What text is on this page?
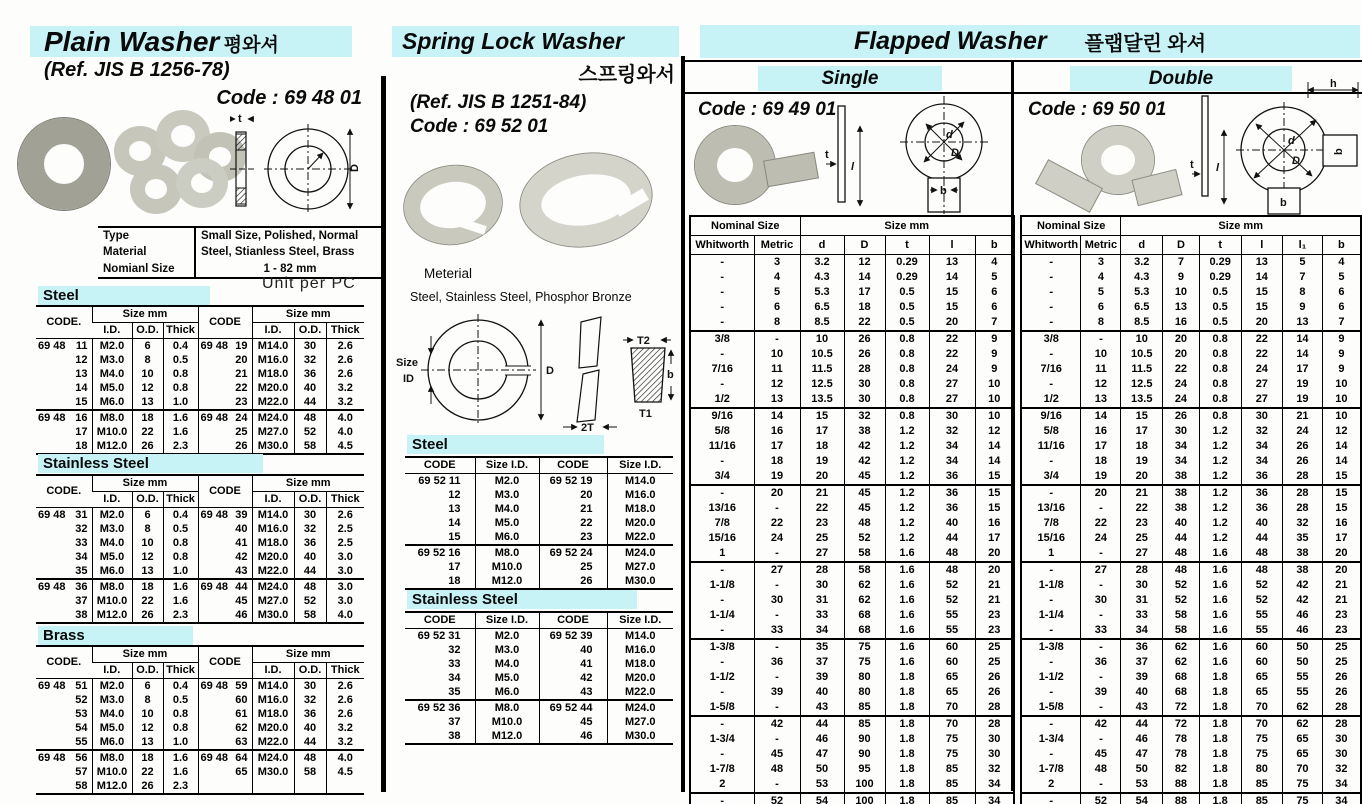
Plain Washer 평와셔
(Ref. JIS B 1256-78)
Code : 69 48 01
t
D
Type	Small Size, Polished, Normal
Material	Steel, Stianless Steel, Brass
Nomianl Size	1 - 82 mm
Unit per PC
Steel
CODE.	Size mm			CODE	Size mm		
	I.D.	O.D.	Thick		I.D.	O.D.	Thick

69 48 11	M2.0	6	0.4	69 48 19	M14.0	30	2.6

12	M3.0	8	0.5	20	M16.0	32	2.6

13	M4.0	10	0.8	21	M18.0	36	2.6

14	M5.0	12	0.8	22	M20.0	40	3.2

15	M6.0	13	1.0	23	M22.0	44	3.2

69 48 16	M8.0	18	1.6	69 48 24	M24.0	48	4.0

17	M10.0	22	1.6	25	M27.0	52	4.0

18	M12.0	26	2.3	26	M30.0	58	4.5
Stainless Steel
CODE.	Size mm			CODE	Size mm		
	I.D.	O.D.	Thick		I.D.	O.D.	Thick

69 48 31	M2.0	6	0.4	69 48 39	M14.0	30	2.6

32	M3.0	8	0.5	40	M16.0	32	2.5

33	M4.0	10	0.8	41	M18.0	36	2.5

34	M5.0	12	0.8	42	M20.0	40	3.0

35	M6.0	13	1.0	43	M22.0	44	3.0

69 48 36	M8.0	18	1.6	69 48 44	M24.0	48	3.0

37	M10.0	22	1.6	45	M27.0	52	3.0

38	M12.0	26	2.3	46	M30.0	58	4.0
Brass
CODE.	Size mm			CODE	Size mm		
	I.D.	O.D.	Thick		I.D.	O.D.	Thick

69 48 51	M2.0	6	0.4	69 48 59	M14.0	30	2.6

52	M3.0	8	0.5	60	M16.0	32	2.6

53	M4.0	10	0.8	61	M18.0	36	2.6

54	M5.0	12	0.8	62	M20.0	40	3.2

55	M6.0	13	1.0	63	M22.0	44	3.2

69 48 56	M8.0	18	1.6	69 48 64	M24.0	48	4.0

57	M10.0	22	1.6	65	M30.0	58	4.5

58	M12.0	26	2.3	

Spring Lock Washer
스프링와서
(Ref. JIS B 1251-84)
Code : 69 52 01
Meterial
Steel, Stainless Steel, Phosphor Bronze
Size
ID
D
2T
T2
T1
b
Steel
CODE	Size I.D.	CODE	Size I.D.
69 52 11	M2.0	69 52 19	M14.0
12	M3.0	20	M16.0
13	M4.0	21	M18.0
14	M5.0	22	M20.0
15	M6.0	23	M22.0
69 52 16	M8.0	69 52 24	M24.0
17	M10.0	25	M27.0
18	M12.0	26	M30.0
Stainless Steel
CODE	Size I.D.	CODE	Size I.D.
69 52 31	M2.0	69 52 39	M14.0
32	M3.0	40	M16.0
33	M4.0	41	M18.0
34	M5.0	42	M20.0
35	M6.0	43	M22.0
69 52 36	M8.0	69 52 44	M24.0
37	M10.0	45	M27.0
38	M12.0	46	M30.0
Flapped Washer 플랩달린 와셔
Single	Double
Code : 69 49 01
t
l
d
D
b
Nominal Size		Size mm				
Whitworth	Metric	d	D	t	l	b
-	3	3.2	12	0.29	13	4
-	4	4.3	14	0.29	14	5
-	5	5.3	17	0.5	15	6
-	6	6.5	18	0.5	15	6
-	8	8.5	22	0.5	20	7
3/8	-	10	26	0.8	22	9
-	10	10.5	26	0.8	22	9
7/16	11	11.5	28	0.8	24	9
-	12	12.5	30	0.8	27	10
1/2	13	13.5	30	0.8	27	10
9/16	14	15	32	0.8	30	10
5/8	16	17	38	1.2	32	12
11/16	17	18	42	1.2	34	14
-	18	19	42	1.2	34	14
3/4	19	20	45	1.2	36	15
-	20	21	45	1.2	36	15
13/16	-	22	45	1.2	36	15
7/8	22	23	48	1.2	40	16
15/16	24	25	52	1.2	44	17
1	-	27	58	1.6	48	20
-	27	28	58	1.6	48	20
1-1/8	-	30	62	1.6	52	21
-	30	31	62	1.6	52	21
1-1/4	-	33	68	1.6	55	23
-	33	34	68	1.6	55	23
1-3/8	-	35	75	1.6	60	25
-	36	37	75	1.6	60	25
1-1/2	-	39	80	1.8	65	26
-	39	40	80	1.8	65	26
1-5/8	-	43	85	1.8	70	28
-	42	44	85	1.8	70	28
1-3/4	-	46	90	1.8	75	30
-	45	47	90	1.8	75	30
1-7/8	48	50	95	1.8	85	32
2	-	53	100	1.8	85	34
-	52	54	100	1.8	85	34
Code : 69 50 01
h
t l
d
D
b
b
Nominal Size		Size mm					
Whitworth	Metric	d	D	t	l	l₁	b
-	3	3.2	7	0.29	13	5	4
-	4	4.3	9	0.29	14	7	5
-	5	5.3	10	0.5	15	8	6
-	6	6.5	13	0.5	15	9	6
-	8	8.5	16	0.5	20	13	7
3/8	-	10	20	0.8	22	14	9
-	10	10.5	20	0.8	22	14	9
7/16	11	11.5	22	0.8	24	17	9
-	12	12.5	24	0.8	27	19	10
1/2	13	13.5	24	0.8	27	19	10
9/16	14	15	26	0.8	30	21	10
5/8	16	17	30	1.2	32	24	12
11/16	17	18	34	1.2	34	26	14
-	18	19	34	1.2	34	26	14
3/4	19	20	38	1.2	36	28	15
-	20	21	38	1.2	36	28	15
13/16	-	22	38	1.2	36	28	15
7/8	22	23	40	1.2	40	32	16
15/16	24	25	44	1.2	44	35	17
1	-	27	48	1.6	48	38	20
-	27	28	48	1.6	48	38	20
1-1/8	-	30	52	1.6	52	42	21
-	30	31	52	1.6	52	42	21
1-1/4	-	33	58	1.6	55	46	23
-	33	34	58	1.6	55	46	23
1-3/8	-	36	62	1.6	60	50	25
-	36	37	62	1.6	60	50	25
1-1/2	-	39	68	1.8	65	55	26
-	39	40	68	1.8	65	55	26
1-5/8	-	43	72	1.8	70	62	28
-	42	44	72	1.8	70	62	28
1-3/4	-	46	78	1.8	75	65	30
-	45	47	78	1.8	75	65	30
1-7/8	48	50	82	1.8	80	70	32
2	-	53	88	1.8	85	75	34
-	52	54	88	1.8	85	75	34
